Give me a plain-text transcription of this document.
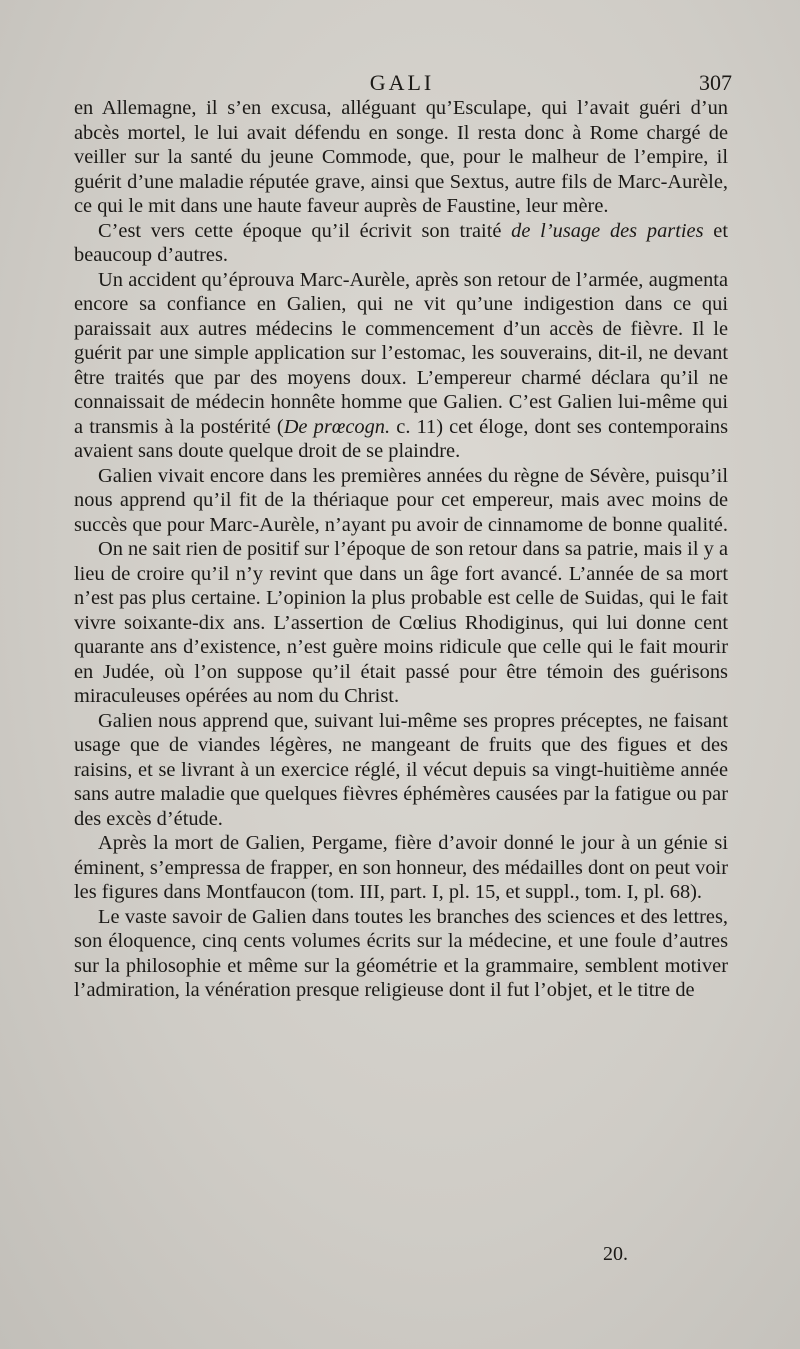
GALI	307

en Allemagne, il s’en excusa, alléguant qu’Esculape, qui l’avait guéri d’un abcès mortel, le lui avait défendu en songe. Il resta donc à Rome chargé de veiller sur la santé du jeune Commode, que, pour le malheur de l’empire, il guérit d’une maladie réputée grave, ainsi que Sextus, autre fils de Marc-Aurèle, ce qui le mit dans une haute faveur auprès de Faustine, leur mère.

C’est vers cette époque qu’il écrivit son traité de l’usage des parties et beaucoup d’autres.

Un accident qu’éprouva Marc-Aurèle, après son retour de l’armée, augmenta encore sa confiance en Galien, qui ne vit qu’une indigestion dans ce qui paraissait aux autres médecins le commencement d’un accès de fièvre. Il le guérit par une simple application sur l’estomac, les souverains, dit-il, ne devant être traités que par des moyens doux. L’empereur charmé déclara qu’il ne connaissait de médecin honnête homme que Galien. C’est Galien lui-même qui a transmis à la postérité (De prœcogn. c. 11) cet éloge, dont ses contemporains avaient sans doute quelque droit de se plaindre.

Galien vivait encore dans les premières années du règne de Sévère, puisqu’il nous apprend qu’il fit de la thériaque pour cet empereur, mais avec moins de succès que pour Marc-Aurèle, n’ayant pu avoir de cinnamome de bonne qualité.

On ne sait rien de positif sur l’époque de son retour dans sa patrie, mais il y a lieu de croire qu’il n’y revint que dans un âge fort avancé. L’année de sa mort n’est pas plus certaine. L’opinion la plus probable est celle de Suidas, qui le fait vivre soixante-dix ans. L’assertion de Cœlius Rhodiginus, qui lui donne cent quarante ans d’existence, n’est guère moins ridicule que celle qui le fait mourir en Judée, où l’on suppose qu’il était passé pour être témoin des guérisons miraculeuses opérées au nom du Christ.

Galien nous apprend que, suivant lui-même ses propres préceptes, ne faisant usage que de viandes légères, ne mangeant de fruits que des figues et des raisins, et se livrant à un exercice réglé, il vécut depuis sa vingt-huitième année sans autre maladie que quelques fièvres éphémères causées par la fatigue ou par des excès d’étude.

Après la mort de Galien, Pergame, fière d’avoir donné le jour à un génie si éminent, s’empressa de frapper, en son honneur, des médailles dont on peut voir les figures dans Montfaucon (tom. III, part. I, pl. 15, et suppl., tom. I, pl. 68).

Le vaste savoir de Galien dans toutes les branches des sciences et des lettres, son éloquence, cinq cents volumes écrits sur la médecine, et une foule d’autres sur la philosophie et même sur la géométrie et la grammaire, semblent motiver l’admiration, la vénération presque religieuse dont il fut l’objet, et le titre de

20.
